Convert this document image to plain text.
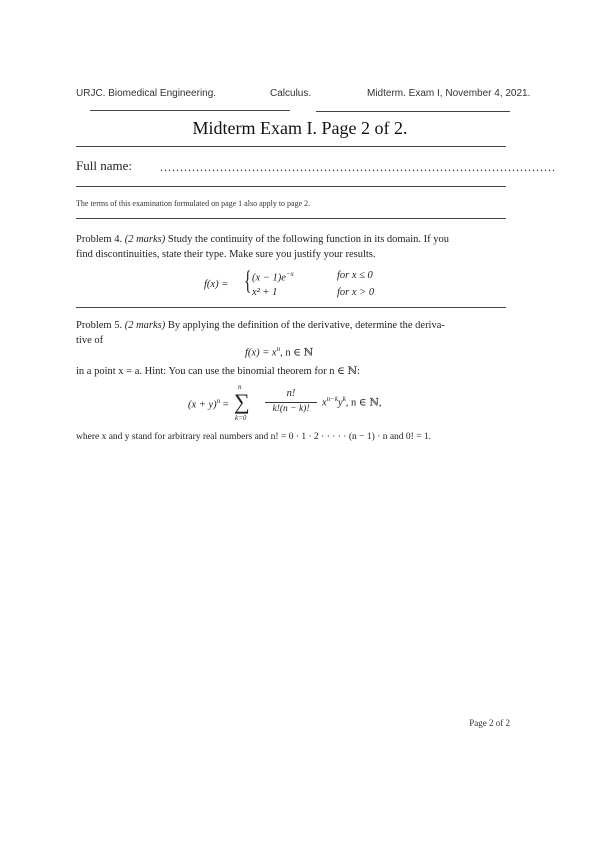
URJC. Biomedical Engineering.	Calculus.	Midterm. Exam I, November 4, 2021.
Midterm Exam I. Page 2 of 2.
Full name: ...................................................................................................
The terms of this examination formulated on page 1 also apply to page 2.
Problem 4. (2 marks) Study the continuity of the following function in its domain. If you
find discontinuities, state their type. Make sure you justify your results.
f(x) = { $(x - 1)e^{-x}$	for x ≤ 0
x² + 1	for x > 0
Problem 5. (2 marks) By applying the definition of the derivative, determine the deriva-
tive of
$f(x) = x^n$, n ∈ ℕ
in a point x = a. Hint: You can use the binomial theorem for n ∈ ℕ:
$(x + y)^n$ =
n
∑
k=0
n!
k!(n − k)!
$x^{n-k}y^k$, n ∈ ℕ,
where x and y stand for arbitrary real numbers and n! = 0 · 1 · 2 · · · · · (n − 1) · n and 0! = 1.
Page 2 of 2
